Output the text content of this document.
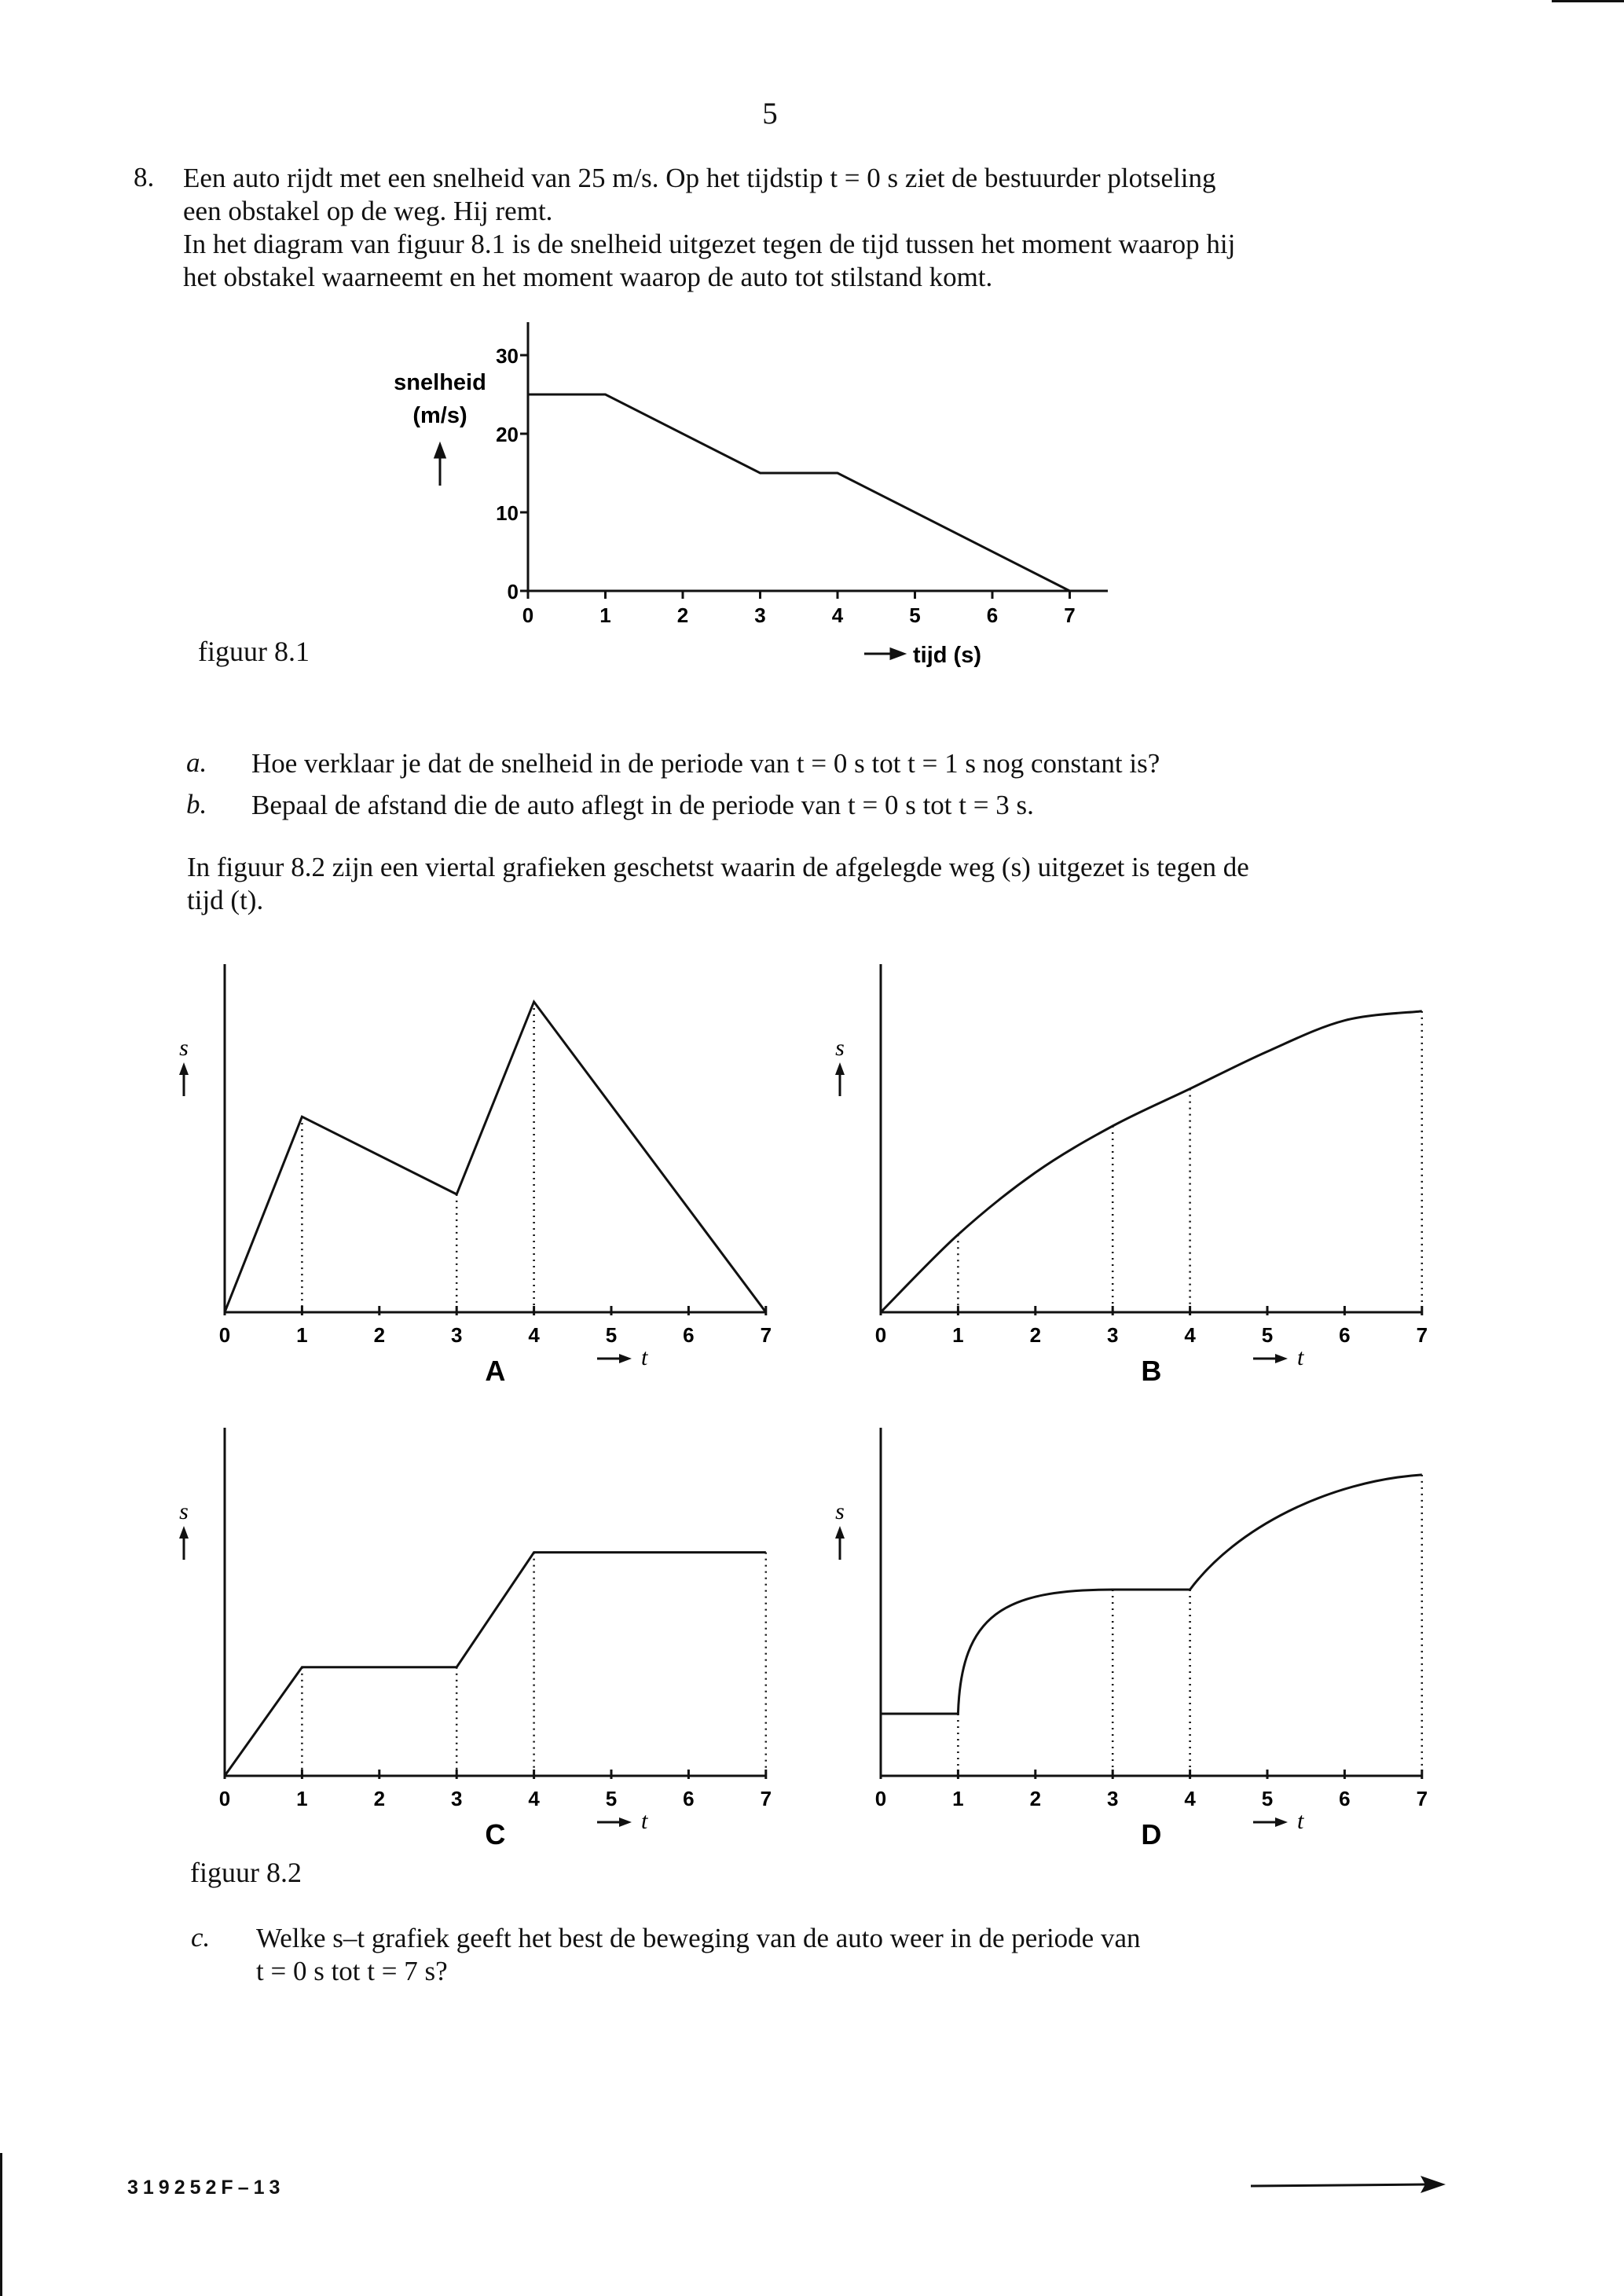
5
8. Een auto rijdt met een snelheid van 25 m/s. Op het tijdstip t = 0 s ziet de bestuurder plotseling

een obstakel op de weg. Hij remt.

In het diagram van figuur 8.1 is de snelheid uitgezet tegen de tijd tussen het moment waarop hij

het obstakel waarneemt en het moment waarop de auto tot stilstand komt.

0
10
20
30
0	1	2	3	4	5	6	7
snelheid
(m/s)
tijd (s)
figuur 8.1
a. Hoe verklaar je dat de snelheid in de periode van t = 0 s tot t = 1 s nog constant is?
b. Bepaal de afstand die de auto aflegt in de periode van t = 0 s tot t = 3 s.
In figuur 8.2 zijn een viertal grafieken geschetst waarin de afgelegde weg (s) uitgezet is tegen de
tijd (t).
0	1	2	3	4	5	6	7
s
t
A
0	1	2	3	4	5	6	7
s
t
B
0	1	2	3	4	5	6	7
s
t
C
0	1	2	3	4	5	6	7
s
t
D
figuur 8.2
c. Welke s–t grafiek geeft het best de beweging van de auto weer in de periode van
t = 0 s tot t = 7 s?
319252F–13
